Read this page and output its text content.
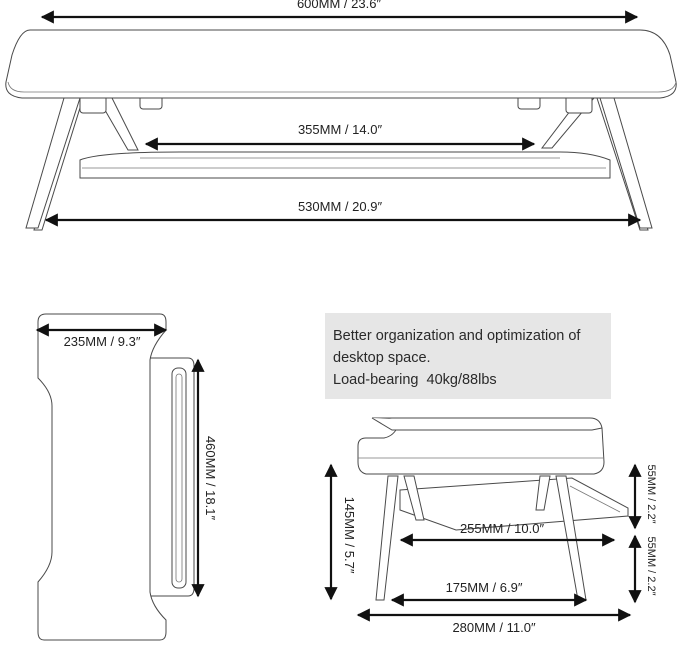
600MM / 23.6″
355MM / 14.0″
530MM / 20.9″
235MM / 9.3″
460MM / 18.1″
145MM / 5.7″
55MM / 2.2″
55MM / 2.2″
255MM / 10.0″
175MM / 6.9″
280MM / 11.0″
Better organization and optimization of
desktop space.
Load-bearing  40kg/88lbs
